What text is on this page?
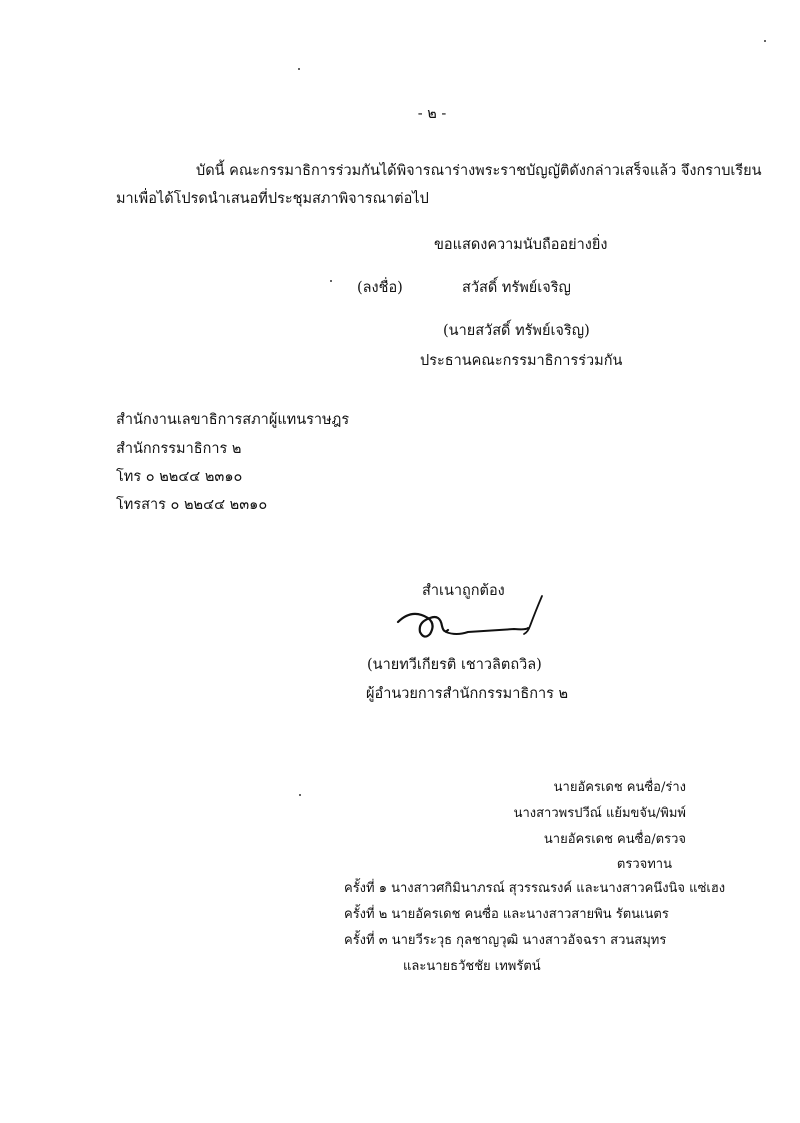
- ๒ -
บัดนี้ คณะกรรมาธิการร่วมกันได้พิจารณาร่างพระราชบัญญัติดังกล่าวเสร็จแล้ว จึงกราบเรียน
มาเพื่อได้โปรดนำเสนอที่ประชุมสภาพิจารณาต่อไป
ขอแสดงความนับถืออย่างยิ่ง
(ลงชื่อ)	สวัสดิ์ ทรัพย์เจริญ
(นายสวัสดิ์ ทรัพย์เจริญ)
ประธานคณะกรรมาธิการร่วมกัน
สำนักงานเลขาธิการสภาผู้แทนราษฎร
สำนักกรรมาธิการ ๒
โทร ๐ ๒๒๔๔ ๒๓๑๐
โทรสาร ๐ ๒๒๔๔ ๒๓๑๐
สำเนาถูกต้อง
(นายทวีเกียรติ เชาวลิตถวิล)
ผู้อำนวยการสำนักกรรมาธิการ ๒
นายอัครเดช คนซื่อ/ร่าง
นางสาวพรปวีณ์ แย้มขจัน/พิมพ์
นายอัครเดช คนซื่อ/ตรวจ
ตรวจทาน
ครั้งที่ ๑ นางสาวศกิมินาภรณ์ สุวรรณรงค์ และนางสาวคนึงนิจ แซ่เฮง
ครั้งที่ ๒ นายอัครเดช คนซื่อ และนางสาวสายพิน รัตนเนตร
ครั้งที่ ๓ นายวีระวุธ กุลชาญวุฒิ นางสาวอัจฉรา สวนสมุทร
และนายธวัชชัย เทพรัตน์
